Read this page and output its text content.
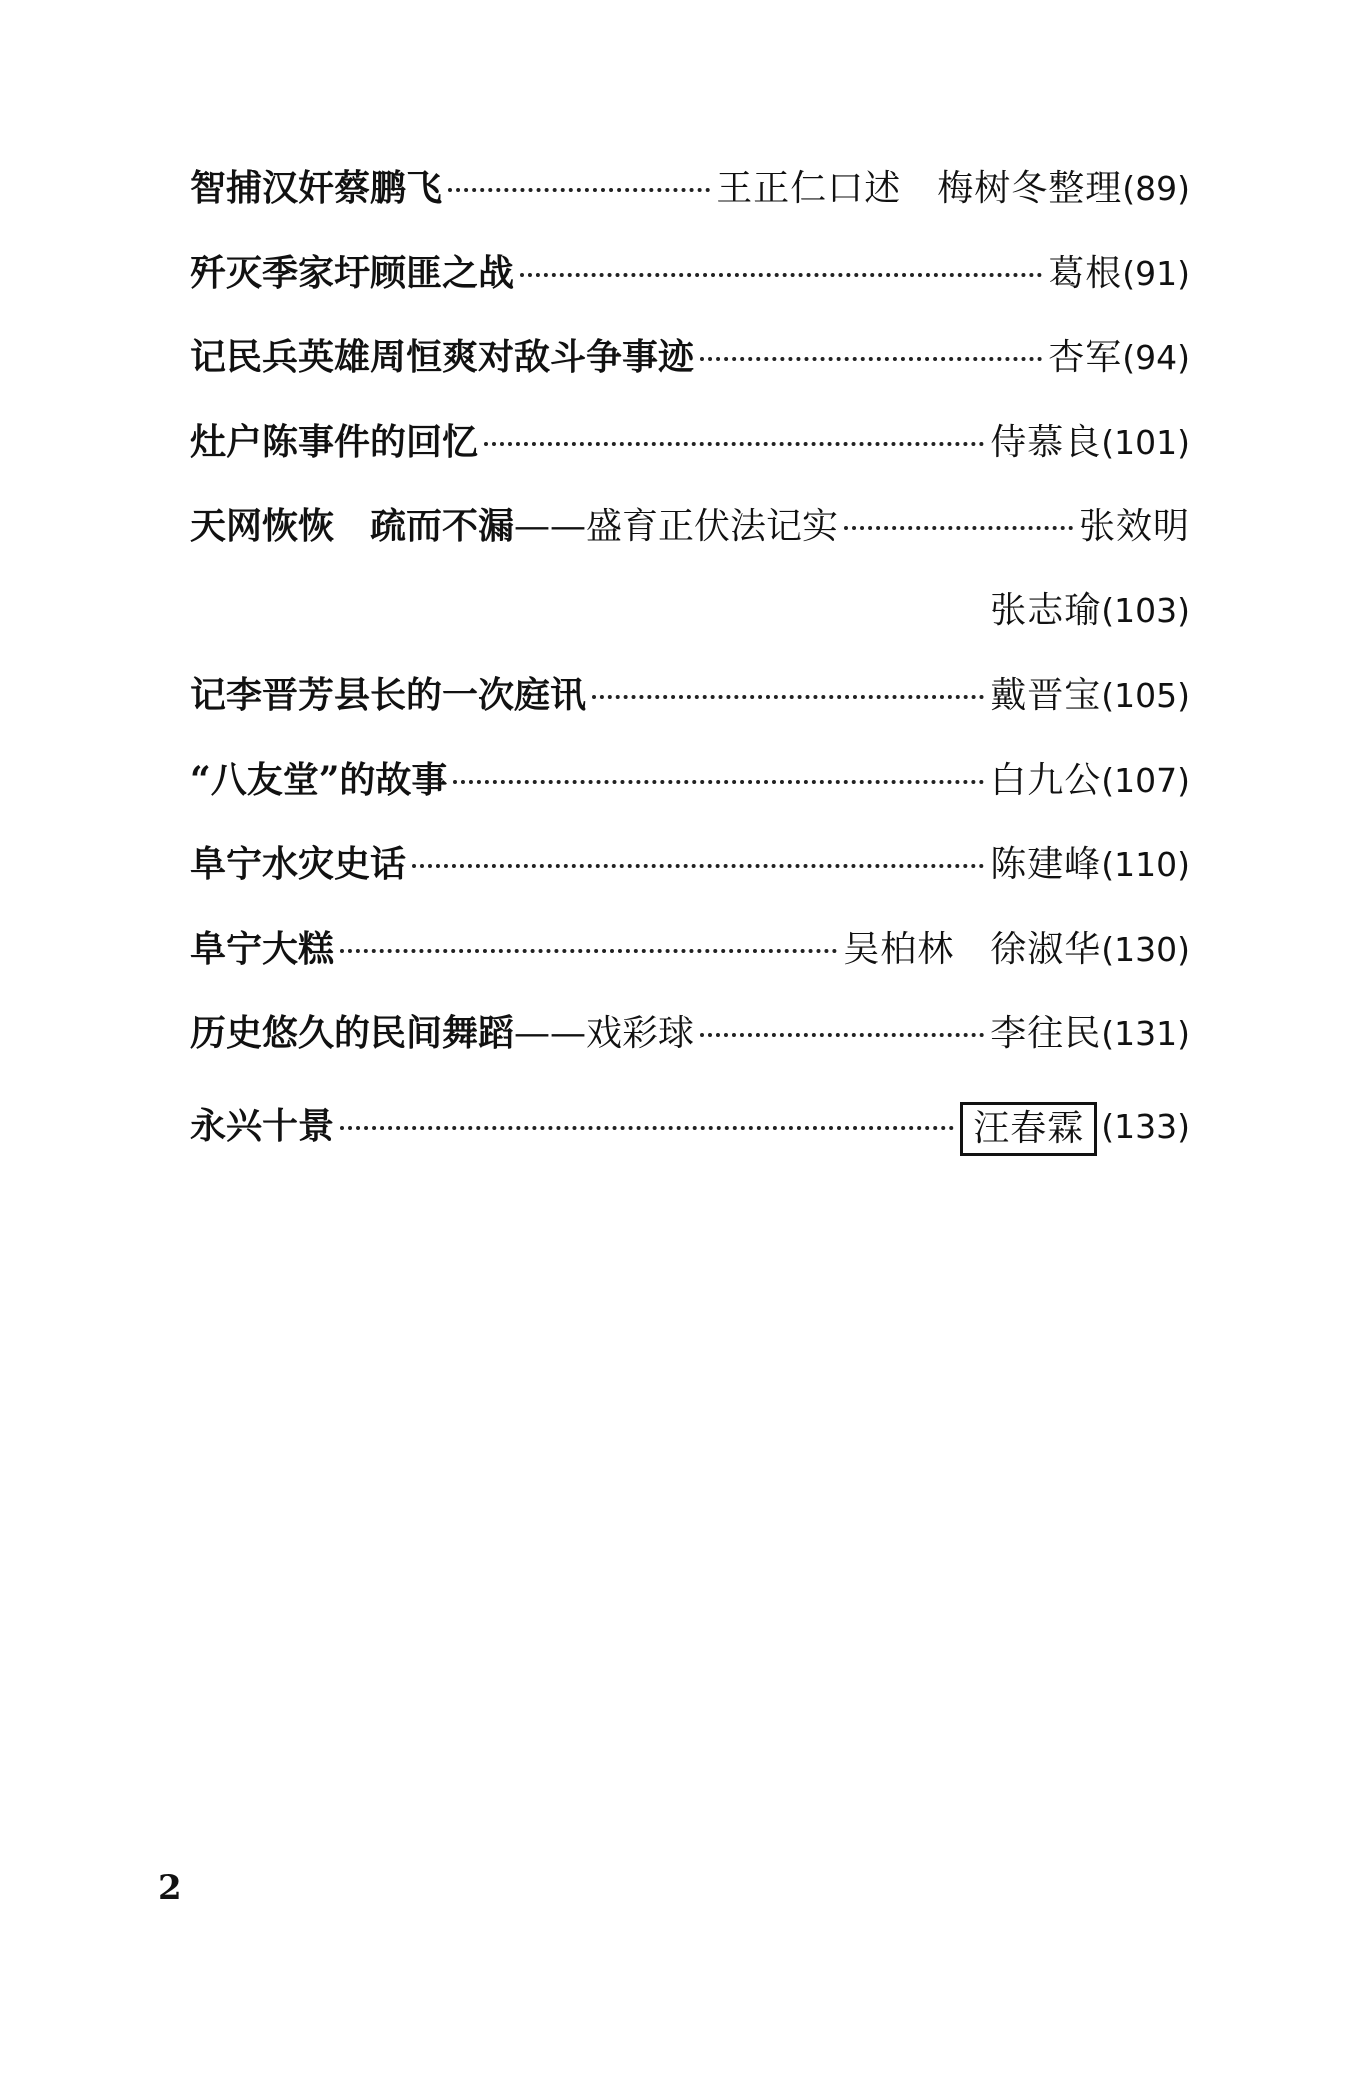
智捕汉奸蔡鹏飞	王正仁口述 梅树冬整理 (89)
歼灭季家圩顾匪之战	葛根 (91)
记民兵英雄周恒爽对敌斗争事迹	杏军 (94)
灶户陈事件的回忆	侍慕良 (101)
天网恢恢　疏而不漏 ——盛育正伏法记实	张效明
张志瑜 (103)
记李晋芳县长的一次庭讯	戴晋宝 (105)
“八友堂”的故事	白九公 (107)
阜宁水灾史话	陈建峰 (110)
阜宁大糕	吴柏林 徐淑华 (130)
历史悠久的民间舞蹈 ——戏彩球	李往民 (131)
永兴十景	汪春霖 (133)
2
